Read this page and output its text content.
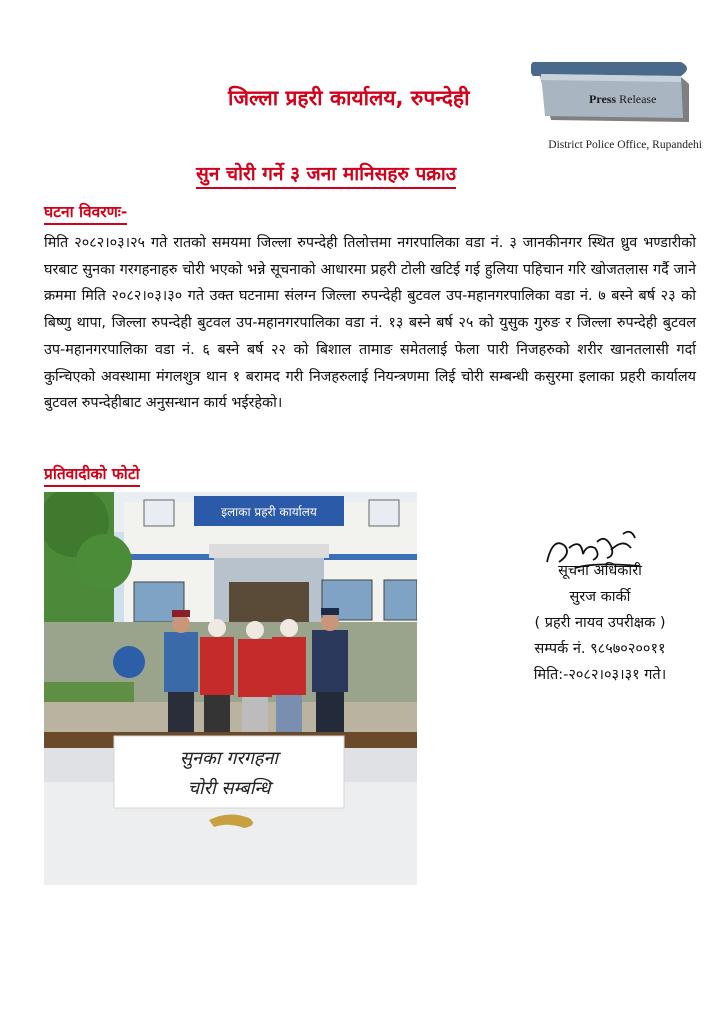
जिल्ला प्रहरी कार्यालय, रुपन्देही	Press Release
District Police Office, Rupandehi
सुन चोरी गर्ने ३ जना मानिसहरु पक्राउ
घटना विवरणः-

मिति २०८२।०३।२५ गते रातको समयमा जिल्ला रुपन्देही तिलोत्तमा नगरपालिका वडा नं. ३ जानकीनगर स्थित ध्रुव भण्डारीको घरबाट सुनका गरगहनाहरु चोरी भएको भन्ने सूचनाको आधारमा प्रहरी टोली खटिई गई हुलिया पहिचान गरि खोजतलास गर्दै जाने क्रममा मिति २०८२।०३।३० गते उक्त घटनामा संलग्न जिल्ला रुपन्देही बुटवल उप-महानगरपालिका वडा नं. ७ बस्ने बर्ष २३ को बिष्णु थापा, जिल्ला रुपन्देही बुटवल उप-महानगरपालिका वडा नं. १३ बस्ने बर्ष २५ को युसुक गुरुङ र जिल्ला रुपन्देही बुटवल उप-महानगरपालिका वडा नं. ६ बस्ने बर्ष २२ को बिशाल तामाङ समेतलाई फेला पारी निजहरुको शरीर खानतलासी गर्दा कुन्चिएको अवस्थामा मंगलशुत्र थान १ बरामद गरी निजहरुलाई नियन्त्रणमा लिई चोरी सम्बन्धी कसुरमा इलाका प्रहरी कार्यालय बुटवल रुपन्देहीबाट अनुसन्धान कार्य भईरहेको।

प्रतिवादीको फोटो
इलाका प्रहरी कार्यालय
सुनका गरगहना
चोरी सम्बन्धि
सूचना अधिकारी
सुरज कार्की
( प्रहरी नायव उपरीक्षक )
सम्पर्क नं. ९८५७०२००११
मिति:-२०८२।०३।३१ गते।
